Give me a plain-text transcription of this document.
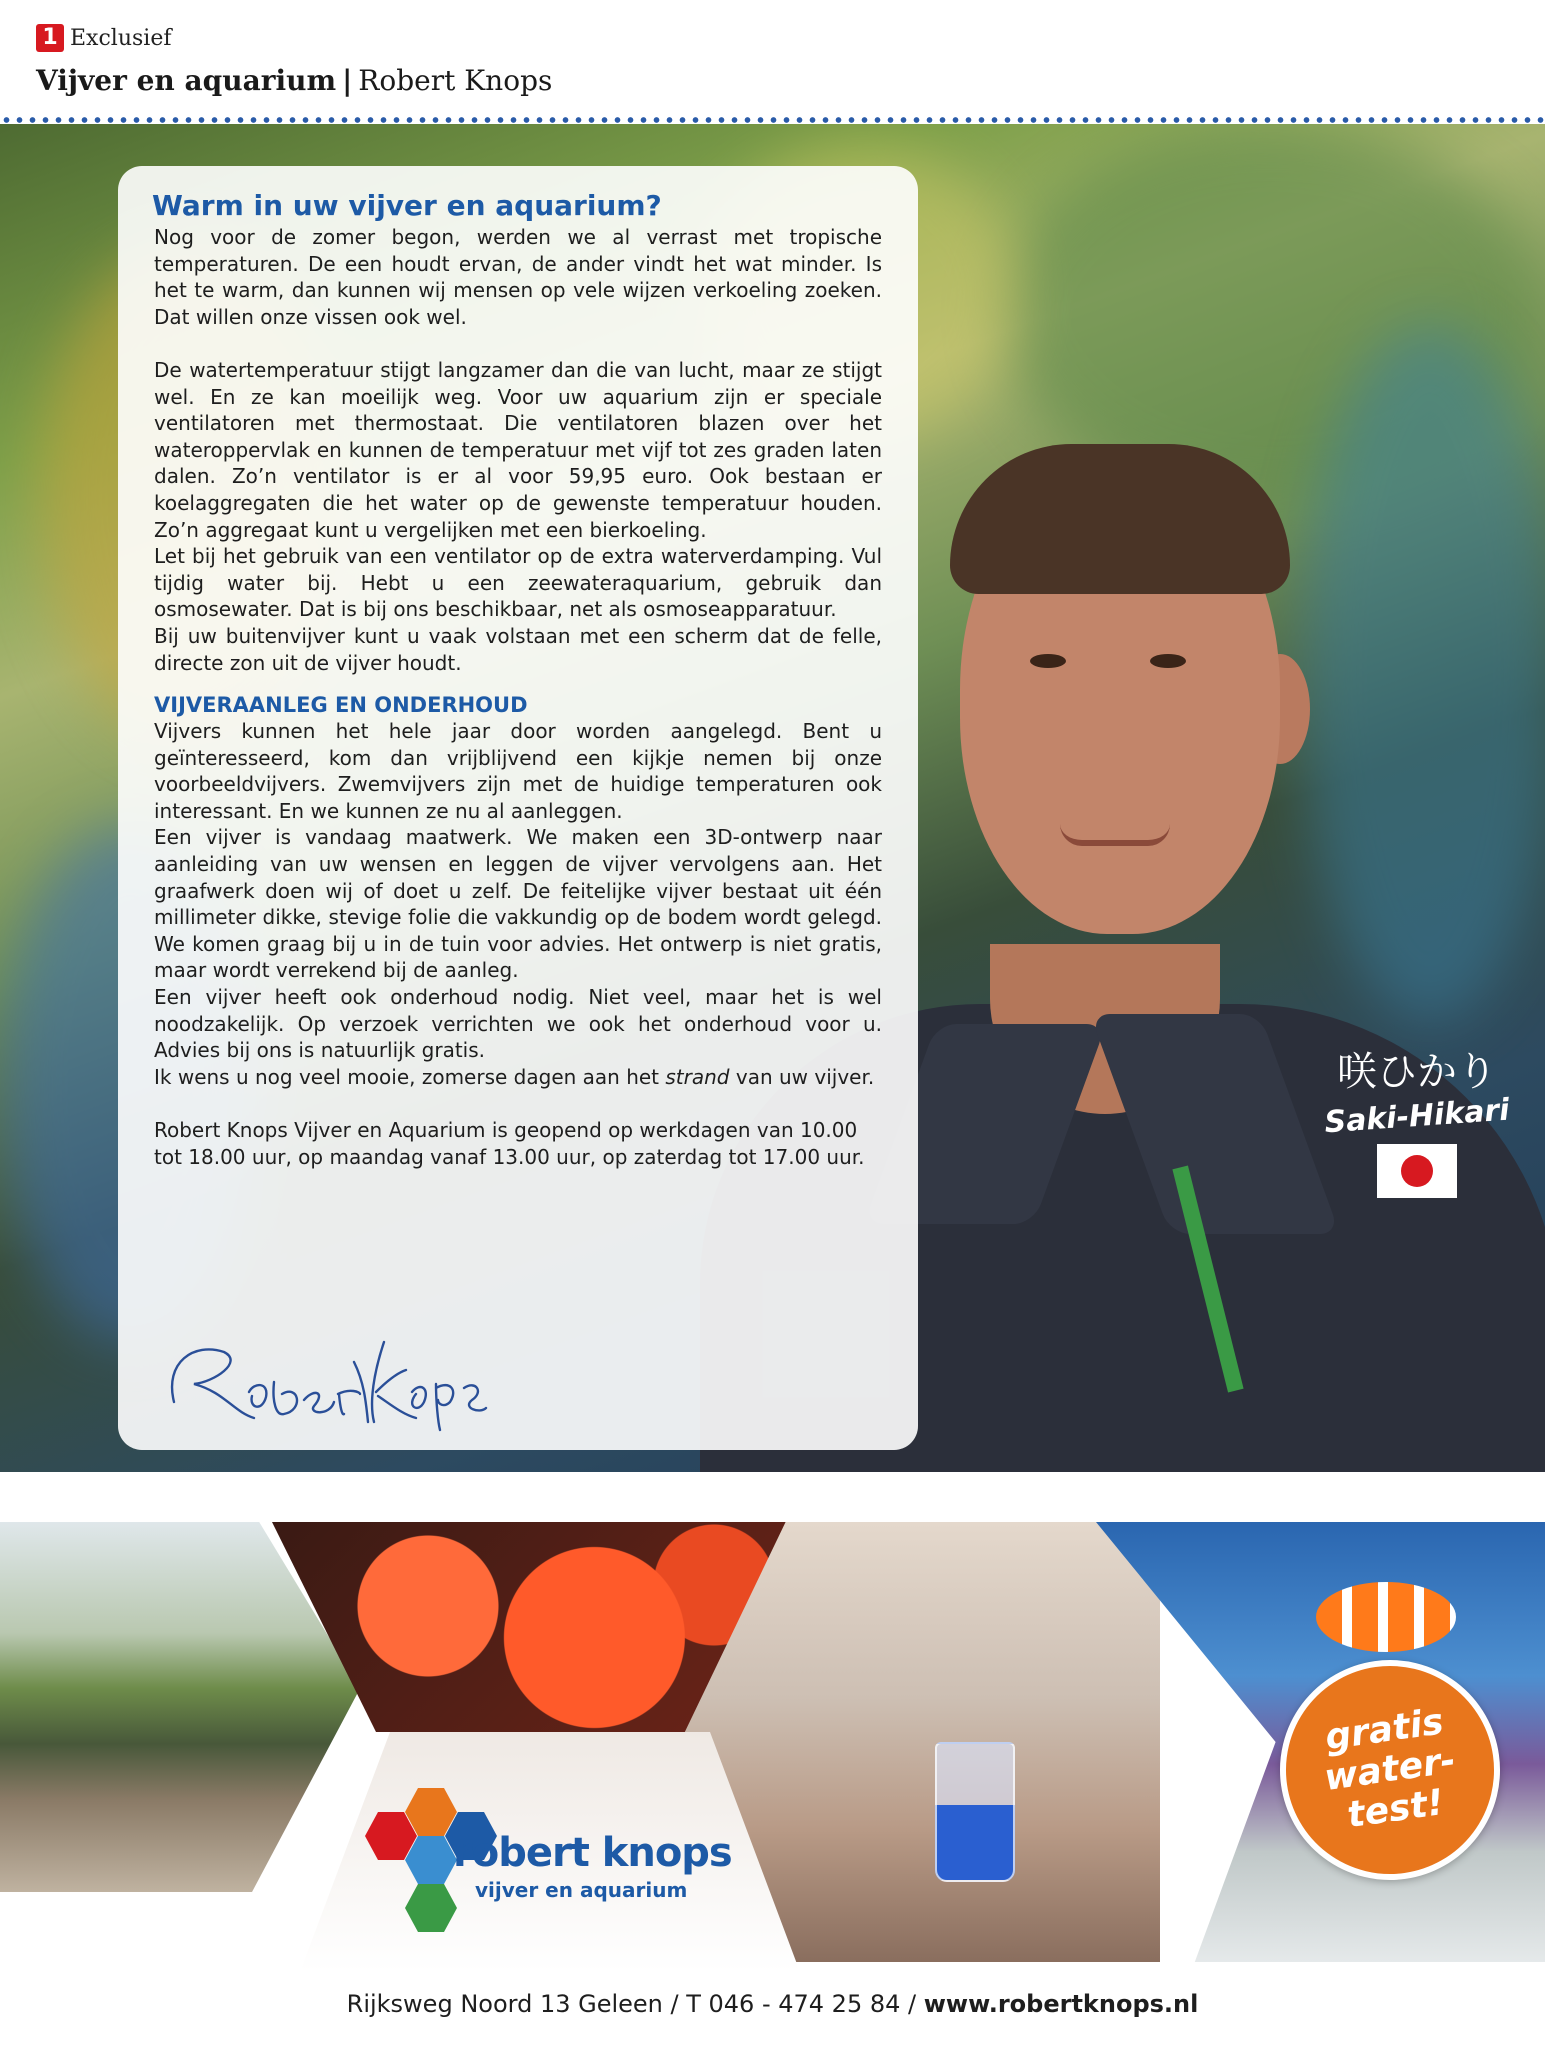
1 Exclusief
Vijver en aquarium | Robert Knops
咲ひかり
Saki-Hikari
Warm in uw vijver en aquarium?

Nog voor de zomer begon, werden we al verrast met tropische temperaturen. De een houdt ervan, de ander vindt het wat minder. Is het te warm, dan kunnen wij mensen op vele wijzen verkoeling zoeken. Dat willen onze vissen ook wel.

De watertemperatuur stijgt langzamer dan die van lucht, maar ze stijgt wel. En ze kan moeilijk weg. Voor uw aquarium zijn er speciale ventilatoren met thermostaat. Die ventilatoren blazen over het wateroppervlak en kunnen de temperatuur met vijf tot zes graden laten dalen. Zo’n ventilator is er al voor 59,95 euro. Ook bestaan er koelaggregaten die het water op de gewenste temperatuur houden. Zo’n aggregaat kunt u vergelijken met een bierkoeling.

Let bij het gebruik van een ventilator op de extra waterverdamping. Vul tijdig water bij. Hebt u een zeewateraquarium, gebruik dan osmosewater. Dat is bij ons beschikbaar, net als osmoseapparatuur.

Bij uw buitenvijver kunt u vaak volstaan met een scherm dat de felle, directe zon uit de vijver houdt.

VIJVERAANLEG EN ONDERHOUD

Vijvers kunnen het hele jaar door worden aangelegd. Bent u geïnteresseerd, kom dan vrijblijvend een kijkje nemen bij onze voorbeeldvijvers. Zwemvijvers zijn met de huidige temperaturen ook interessant. En we kunnen ze nu al aanleggen.

Een vijver is vandaag maatwerk. We maken een 3D-ontwerp naar aanleiding van uw wensen en leggen de vijver vervolgens aan. Het graafwerk doen wij of doet u zelf. De feitelijke vijver bestaat uit één millimeter dikke, stevige folie die vakkundig op de bodem wordt gelegd. We komen graag bij u in de tuin voor advies. Het ontwerp is niet gratis, maar wordt verrekend bij de aanleg.

Een vijver heeft ook onderhoud nodig. Niet veel, maar het is wel noodzakelijk. Op verzoek verrichten we ook het onderhoud voor u. Advies bij ons is natuurlijk gratis.

Ik wens u nog veel mooie, zomerse dagen aan het strand van uw vijver.

Robert Knops Vijver en Aquarium is geopend op werkdagen van 10.00 tot 18.00 uur, op maandag vanaf 13.00 uur, op zaterdag tot 17.00 uur.

robert knops
vijver en aquarium
gratis
water-
test!
Rijksweg Noord 13 Geleen / T 046 - 474 25 84 / www.robertknops.nl
